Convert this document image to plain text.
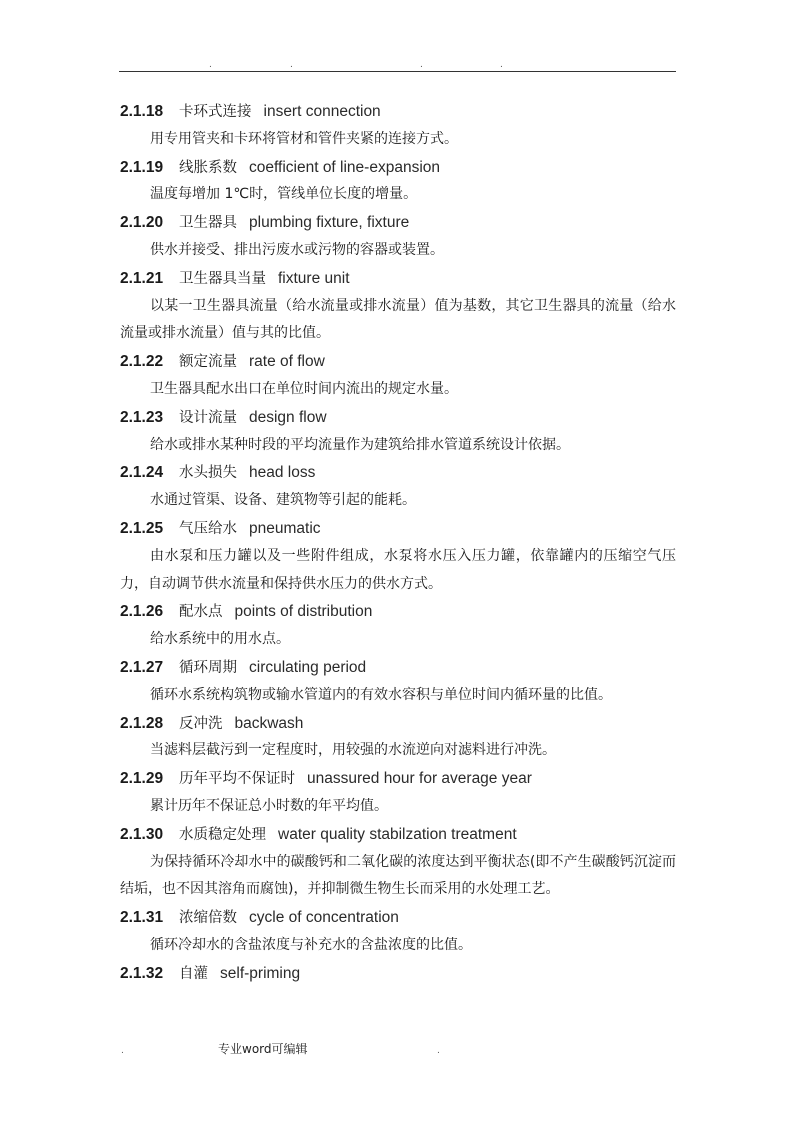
.	.	.	.
2.1.18 卡环式连接 insert connection
用专用管夹和卡环将管材和管件夹紧的连接方式。
2.1.19 线胀系数 coefficient of line-expansion
温度每增加 1℃时，管线单位长度的增量。
2.1.20 卫生器具 plumbing fixture, fixture
供水并接受、排出污废水或污物的容器或装置。
2.1.21 卫生器具当量 fixture unit
以某一卫生器具流量（给水流量或排水流量）值为基数，其它卫生器具的流量（给水流量或排水流量）值与其的比值。
2.1.22 额定流量 rate of flow
卫生器具配水出口在单位时间内流出的规定水量。
2.1.23 设计流量 design flow
给水或排水某种时段的平均流量作为建筑给排水管道系统设计依据。
2.1.24 水头损失 head loss
水通过管渠、设备、建筑物等引起的能耗。
2.1.25 气压给水 pneumatic
由水泵和压力罐以及一些附件组成，水泵将水压入压力罐，依靠罐内的压缩空气压力，自动调节供水流量和保持供水压力的供水方式。
2.1.26 配水点 points of distribution
给水系统中的用水点。
2.1.27 循环周期 circulating period
循环水系统构筑物或输水管道内的有效水容积与单位时间内循环量的比值。
2.1.28 反冲洗 backwash
当滤料层截污到一定程度时，用较强的水流逆向对滤料进行冲洗。
2.1.29 历年平均不保证时 unassured hour for average year
累计历年不保证总小时数的年平均值。
2.1.30 水质稳定处理 water quality stabilzation treatment
为保持循环冷却水中的碳酸钙和二氧化碳的浓度达到平衡状态(即不产生碳酸钙沉淀而结垢，也不因其溶角而腐蚀)，并抑制微生物生长而采用的水处理工艺。
2.1.31 浓缩倍数 cycle of concentration
循环冷却水的含盐浓度与补充水的含盐浓度的比值。
2.1.32 自灌 self-priming
.	专业word可编辑	.
